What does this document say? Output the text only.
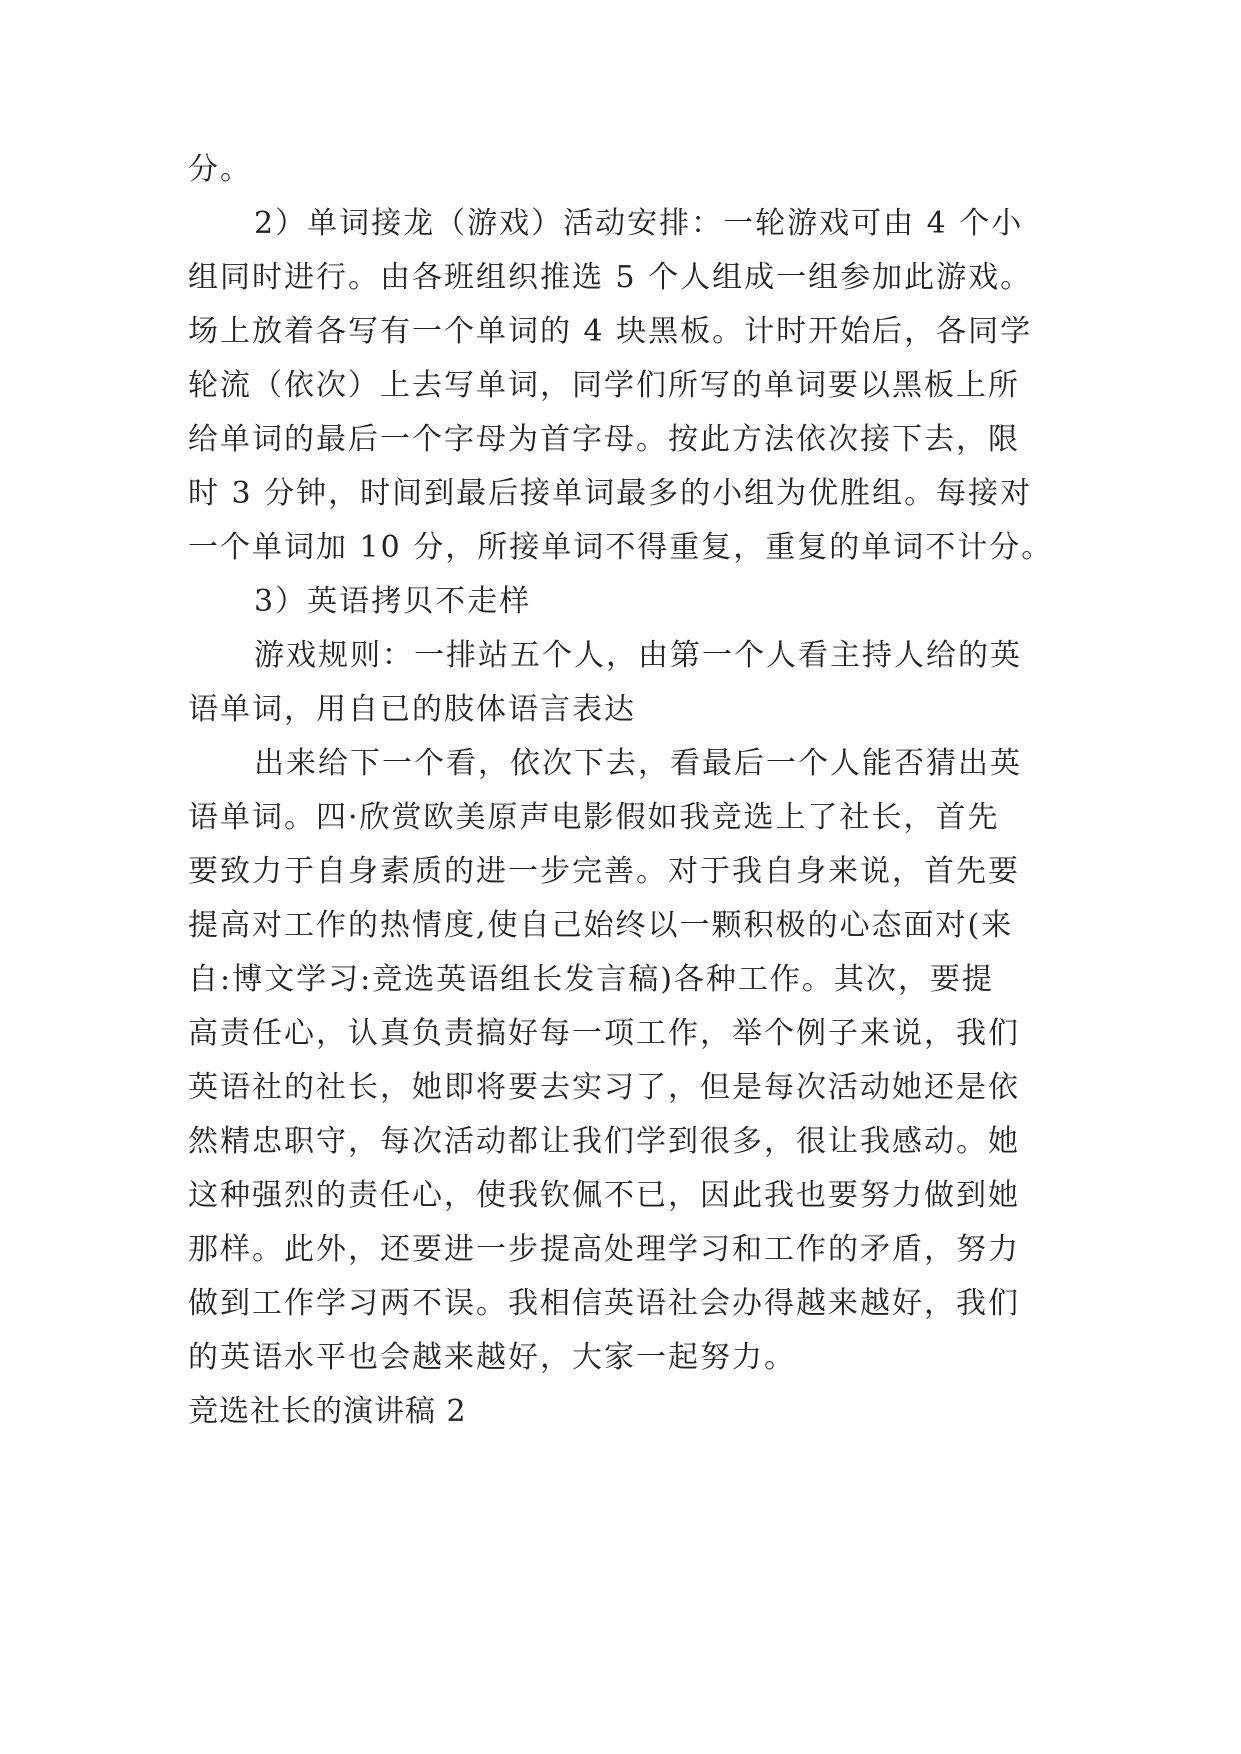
分。
2）单词接龙（游戏）活动安排：一轮游戏可由 4 个小
组同时进行。由各班组织推选 5 个人组成一组参加此游戏。
场上放着各写有一个单词的 4 块黑板。计时开始后，各同学
轮流（依次）上去写单词，同学们所写的单词要以黑板上所
给单词的最后一个字母为首字母。按此方法依次接下去，限
时 3 分钟，时间到最后接单词最多的小组为优胜组。每接对
一个单词加 10 分，所接单词不得重复，重复的单词不计分。
3）英语拷贝不走样
游戏规则：一排站五个人，由第一个人看主持人给的英
语单词，用自已的肢体语言表达
出来给下一个看，依次下去，看最后一个人能否猜出英
语单词。四·欣赏欧美原声电影假如我竞选上了社长，首先
要致力于自身素质的进一步完善。对于我自身来说，首先要
提高对工作的热情度,使自己始终以一颗积极的心态面对(来
自:博文学习:竞选英语组长发言稿)各种工作。其次，要提
高责任心，认真负责搞好每一项工作，举个例子来说，我们
英语社的社长，她即将要去实习了，但是每次活动她还是依
然精忠职守，每次活动都让我们学到很多，很让我感动。她
这种强烈的责任心，使我钦佩不已，因此我也要努力做到她
那样。此外，还要进一步提高处理学习和工作的矛盾，努力
做到工作学习两不误。我相信英语社会办得越来越好，我们
的英语水平也会越来越好，大家一起努力。
竞选社长的演讲稿 2
